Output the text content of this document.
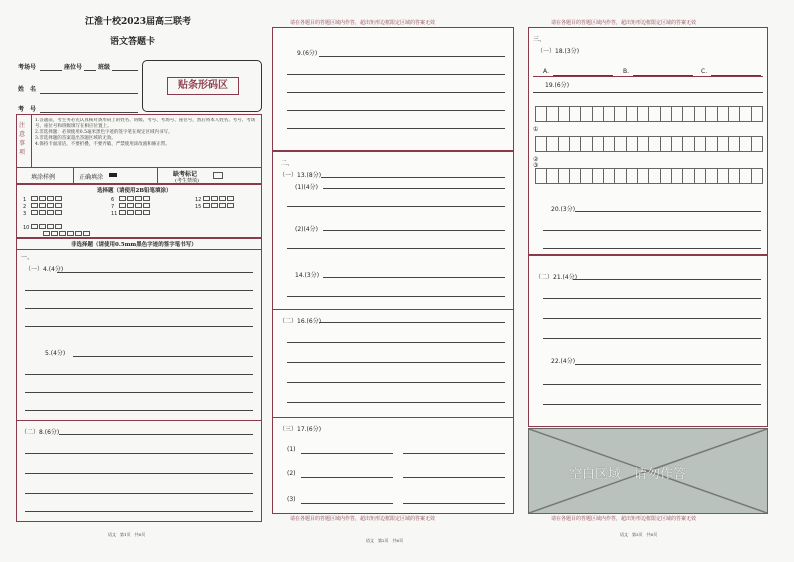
江淮十校2023届高三联考
语文答题卡
考场号	座位号	班级
姓　名
考　号
贴条形码区
注意事项
1.答题前，考生务必先认真核对条形码上的姓名、班级、考号、考场号、座位号，然后将本人姓名、考号、考场号、座位号和班级填写在相应位置上。
2.非选择题：必须使用0.5毫米黑色字迹的签字笔在规定区域内书写。
3.非选择题的答案超出答题区域的无效。
4.保持卡面清洁，不要折叠、不要弄破、严禁使用涂改液和修正带。
填涂样例	正确填涂	缺考标记
(考生禁填)
选择题（请使用2B铅笔填涂）
1
2
3
10
6
7
11
12
15
非选择题（请使用0.5mm黑色字迹的签字笔书写）
一、
（一）4.(4分)
5.(4分)
（二）8.(6分)
语文　第1页　共6页
请在各题目的答题区域内作答，超出矩形边框限定区域的答案无效
9.(6分)
二、
（一）13.(8分)
(1)(4分)
(2)(4分)
14.(3分)
（二）16.(6分)
（三）17.(6分)
(1)
(2)
(3)
请在各题目的答题区域内作答，超出矩形边框限定区域的答案无效
语文　第2页　共6页
请在各题目的答题区域内作答，超出矩形边框限定区域的答案无效
三、
（一）18.(3分)
A.	B.	C.
19.(6分)
①
②
③
20.(3分)
（二）21.(4分)
22.(4分)
空白区域　请勿作答
请在各题目的答题区域内作答，超出矩形边框限定区域的答案无效
语文　第3页　共6页
